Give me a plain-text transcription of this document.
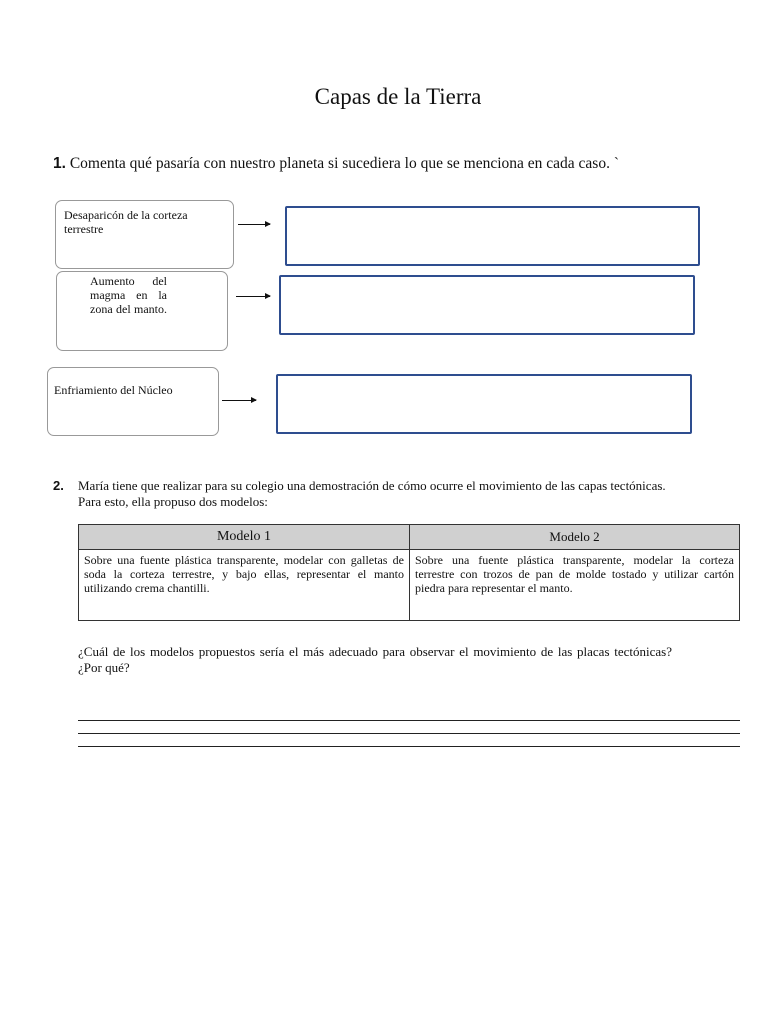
Capas de la Tierra
1. Comenta qué pasaría con nuestro planeta si sucediera lo que se menciona en cada caso. `
Desaparicón de la corteza terrestre
Aumento del magma en la zona del manto.
Enfriamiento del Núcleo
2. María tiene que realizar para su colegio una demostración de cómo ocurre el movimiento de las capas tectónicas. Para esto, ella propuso dos modelos:
Modelo 1	Modelo 2
Sobre una fuente plástica transparente, modelar con galletas de soda la corteza terrestre, y bajo ellas, representar el manto utilizando crema chantilli.	Sobre una fuente plástica transparente, modelar la corteza terrestre con trozos de pan de molde tostado y utilizar cartón piedra para representar el manto.
¿Cuál de los modelos propuestos sería el más adecuado para observar el movimiento de las placas tectónicas? ¿Por qué?
